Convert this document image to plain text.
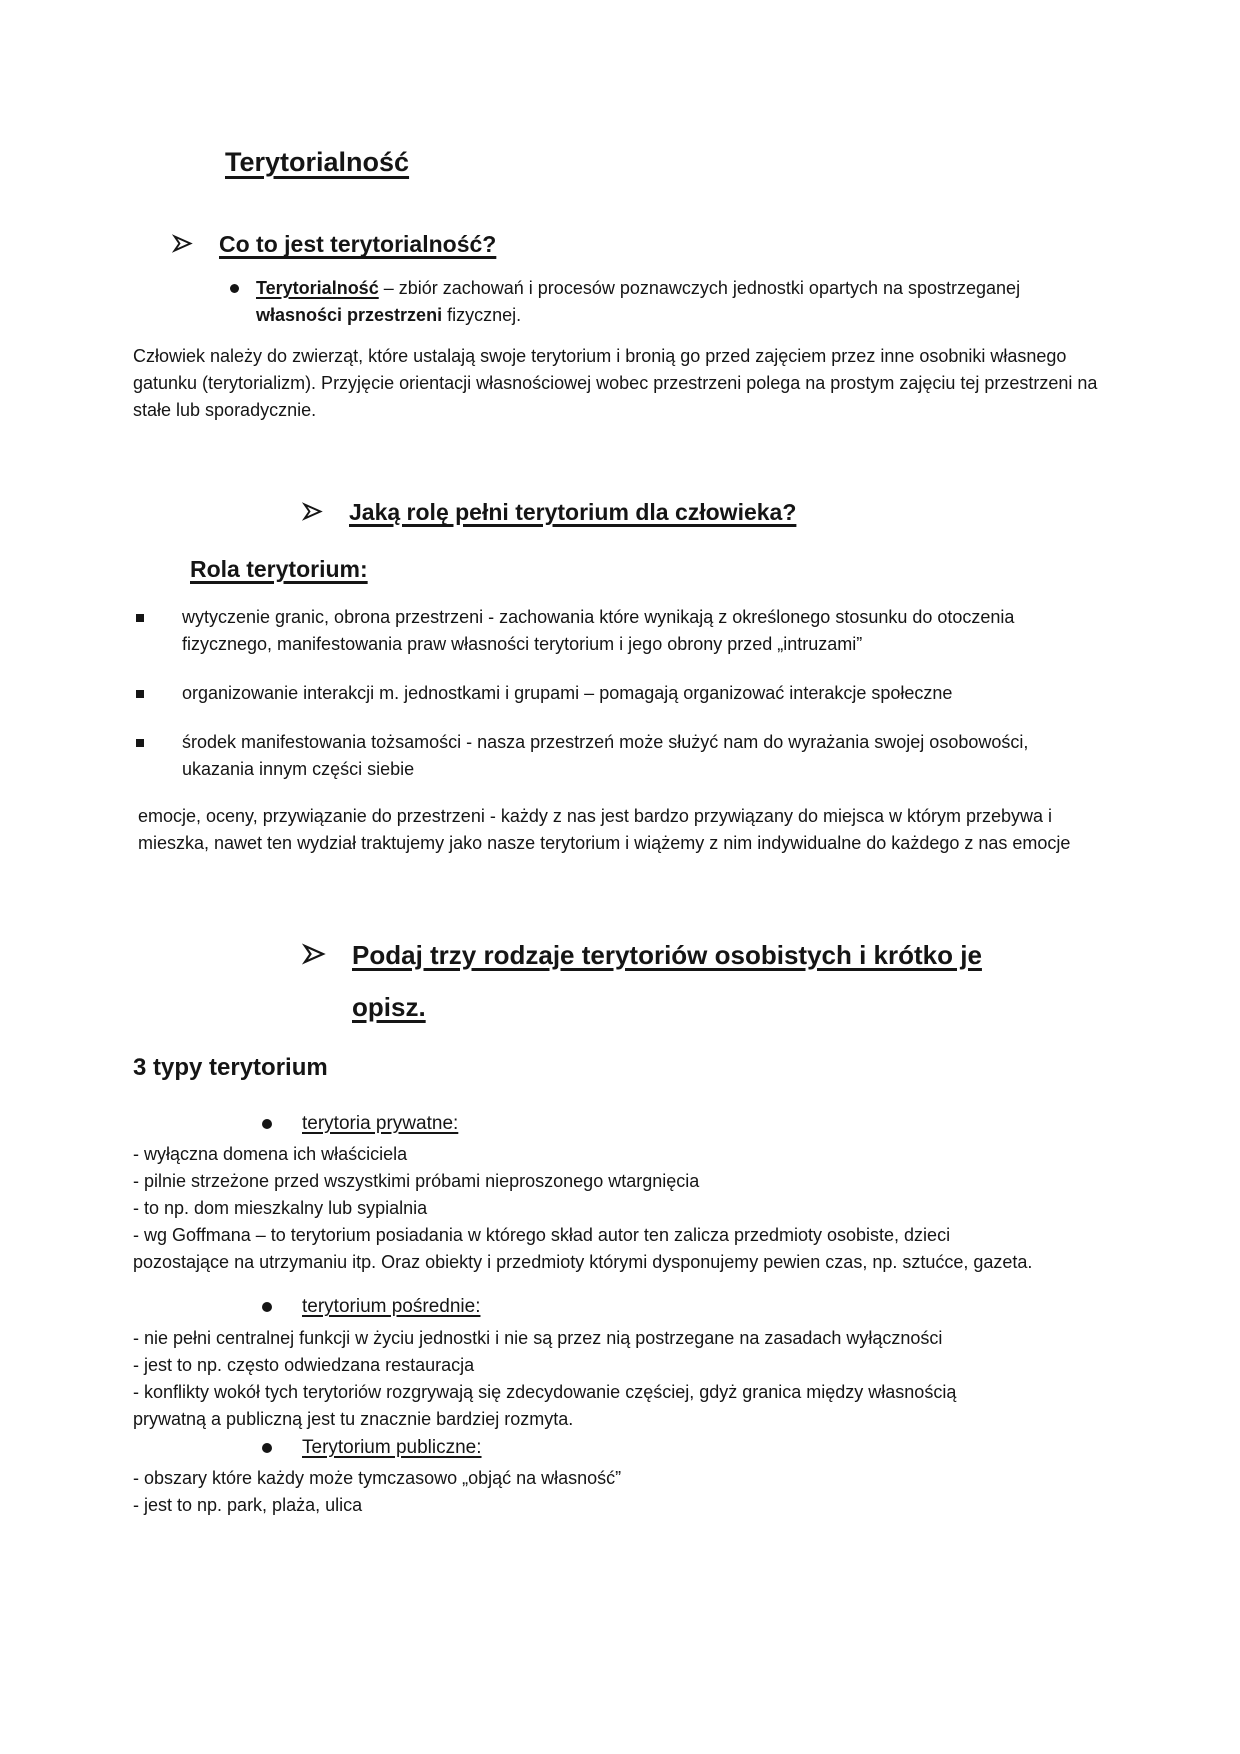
Terytorialność
Co to jest terytorialność?
Terytorialność – zbiór zachowań i procesów poznawczych jednostki opartych na spostrzeganej własności przestrzeni fizycznej.

Człowiek należy do zwierząt, które ustalają swoje terytorium i bronią go przed zajęciem przez inne osobniki własnego gatunku (terytorializm). Przyjęcie orientacji własnościowej wobec przestrzeni polega na prostym zajęciu tej przestrzeni na stałe lub sporadycznie.

Jaką rolę pełni terytorium dla człowieka?
Rola terytorium:
wytyczenie granic, obrona przestrzeni - zachowania które wynikają z określonego stosunku do otoczenia fizycznego, manifestowania praw własności terytorium i jego obrony przed „intruzami”
organizowanie interakcji m. jednostkami i grupami – pomagają organizować interakcje społeczne
środek manifestowania tożsamości - nasza przestrzeń może służyć nam do wyrażania swojej osobowości, ukazania innym części siebie

emocje, oceny, przywiązanie do przestrzeni - każdy z nas jest bardzo przywiązany do miejsca w którym przebywa i mieszka, nawet ten wydział traktujemy jako nasze terytorium i wiążemy z nim indywidualne do każdego z nas emocje

Podaj trzy rodzaje terytoriów osobistych i krótko je opisz.
3 typy terytorium
terytoria prywatne:
- wyłączna domena ich właściciela
- pilnie strzeżone przed wszystkimi próbami nieproszonego wtargnięcia
- to np. dom mieszkalny lub sypialnia
- wg Goffmana – to terytorium posiadania w którego skład autor ten zalicza przedmioty osobiste, dzieci pozostające na utrzymaniu itp. Oraz obiekty i przedmioty którymi dysponujemy pewien czas, np. sztućce, gazeta.
terytorium pośrednie:
- nie pełni centralnej funkcji w życiu jednostki i nie są przez nią postrzegane na zasadach wyłączności
- jest to np. często odwiedzana restauracja
- konflikty wokół tych terytoriów rozgrywają się zdecydowanie częściej, gdyż granica między własnością prywatną a publiczną jest tu znacznie bardziej rozmyta.
Terytorium publiczne:
- obszary które każdy może tymczasowo „objąć na własność”
- jest to np. park, plaża, ulica
